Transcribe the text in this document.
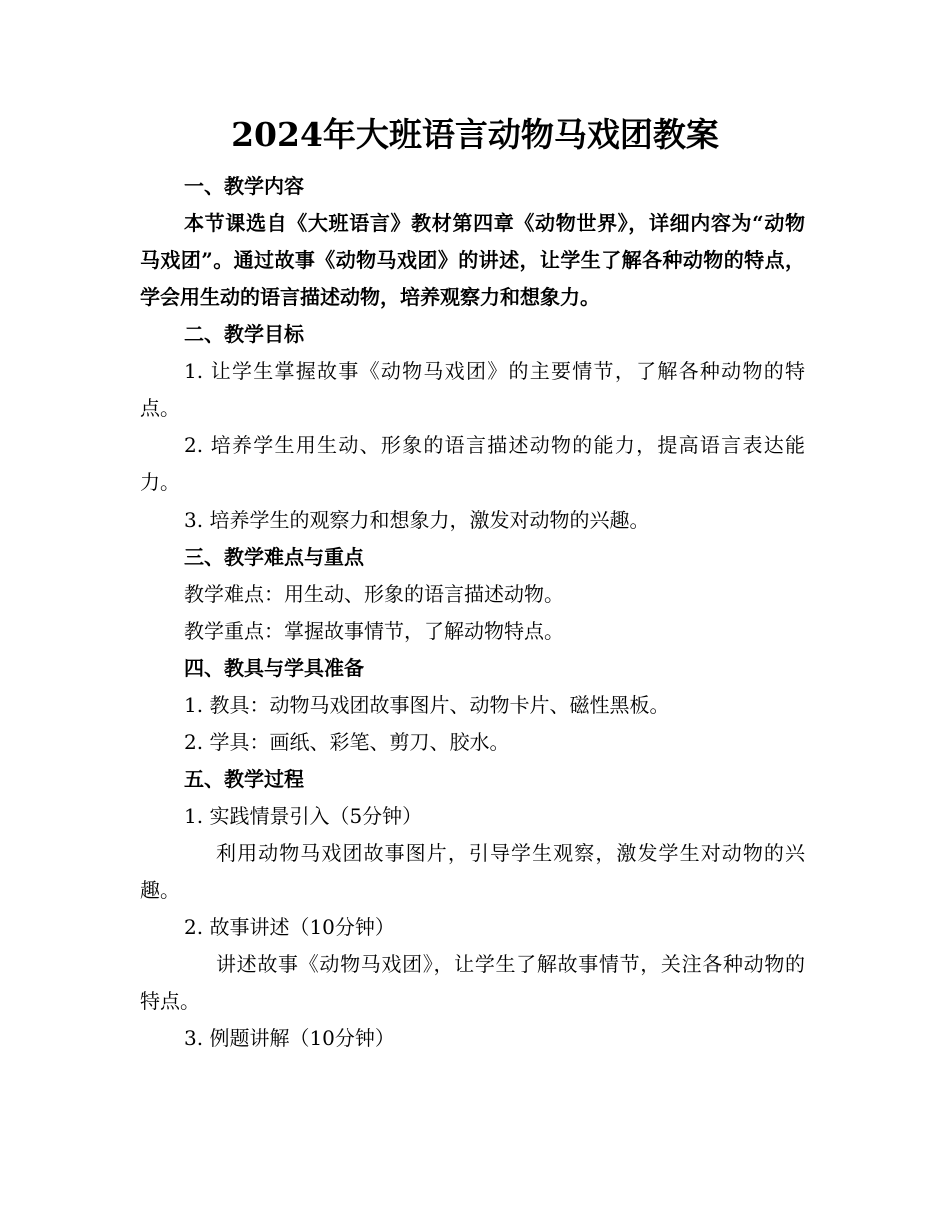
2024年大班语言动物马戏团教案
一、教学内容
本节课选自《大班语言》教材第四章《动物世界》，详细内容为“动物马戏团”。通过故事《动物马戏团》的讲述，让学生了解各种动物的特点，学会用生动的语言描述动物，培养观察力和想象力。
二、教学目标
1. 让学生掌握故事《动物马戏团》的主要情节，了解各种动物的特点。
2. 培养学生用生动、形象的语言描述动物的能力，提高语言表达能力。
3. 培养学生的观察力和想象力，激发对动物的兴趣。
三、教学难点与重点
教学难点：用生动、形象的语言描述动物。
教学重点：掌握故事情节，了解动物特点。
四、教具与学具准备
1. 教具：动物马戏团故事图片、动物卡片、磁性黑板。
2. 学具：画纸、彩笔、剪刀、胶水。
五、教学过程
1. 实践情景引入（5分钟）
利用动物马戏团故事图片，引导学生观察，激发学生对动物的兴趣。
2. 故事讲述（10分钟）
讲述故事《动物马戏团》，让学生了解故事情节，关注各种动物的特点。
3. 例题讲解（10分钟）
